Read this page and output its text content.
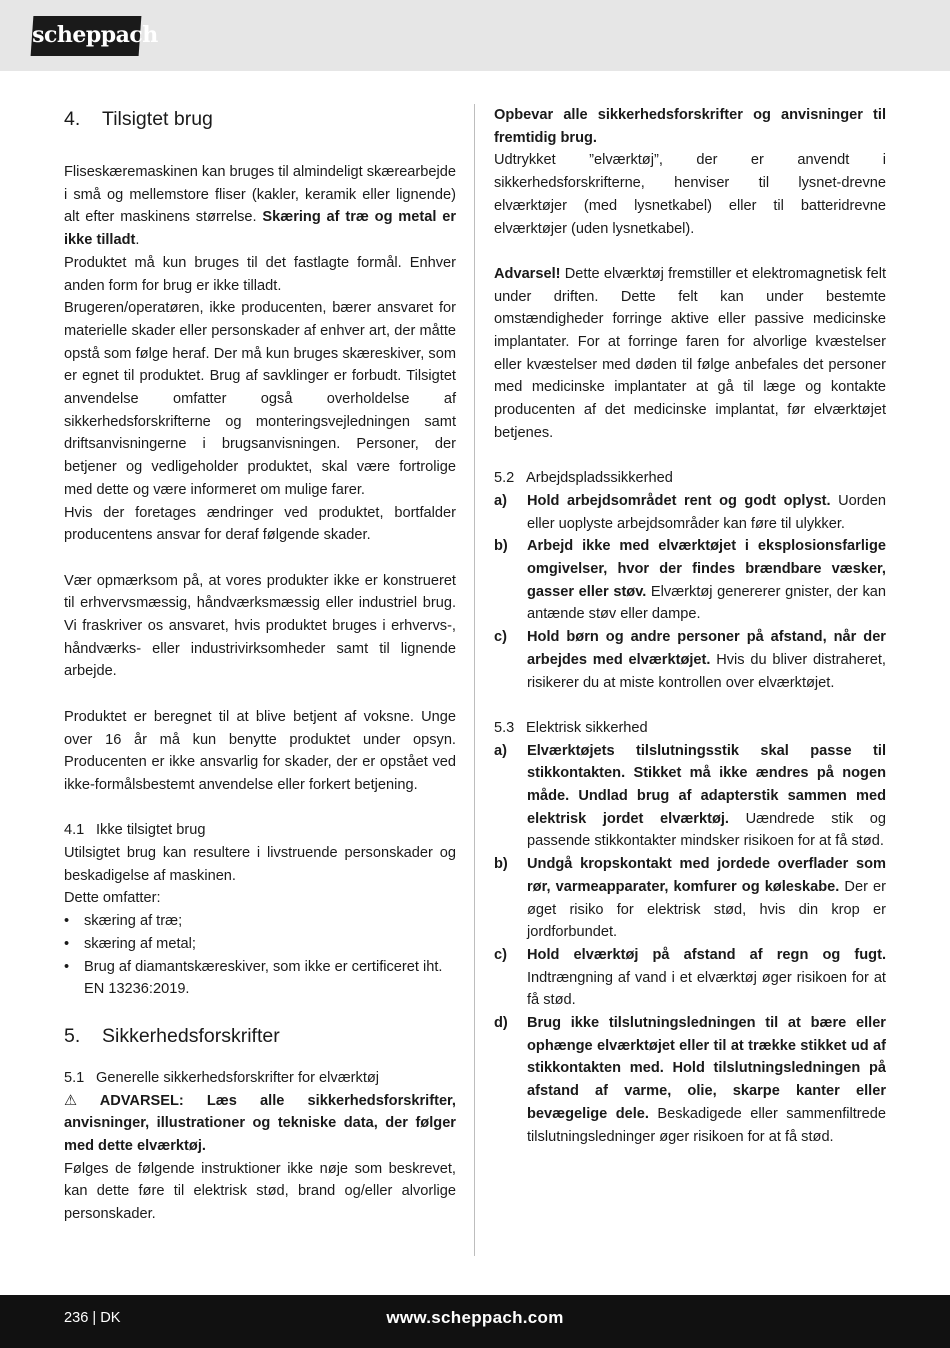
scheppach
4. Tilsigtet brug

Fliseskæremaskinen kan bruges til almindeligt skærearbejde i små og mellemstore fliser (kakler, keramik eller lignende) alt efter maskinens størrelse. Skæring af træ og metal er ikke tilladt.

Produktet må kun bruges til det fastlagte formål. Enhver anden form for brug er ikke tilladt.

Brugeren/operatøren, ikke producenten, bærer ansvaret for materielle skader eller personskader af enhver art, der måtte opstå som følge heraf. Der må kun bruges skæreskiver, som er egnet til produktet. Brug af savklinger er forbudt. Tilsigtet anvendelse omfatter også overholdelse af sikkerhedsforskrifterne og monteringsvejledningen samt driftsanvisningerne i brugsanvisningen. Personer, der betjener og vedligeholder produktet, skal være fortrolige med dette og være informeret om mulige farer.

Hvis der foretages ændringer ved produktet, bortfalder producentens ansvar for deraf følgende skader.

Vær opmærksom på, at vores produkter ikke er konstrueret til erhvervsmæssig, håndværksmæssig eller industriel brug. Vi fraskriver os ansvaret, hvis produktet bruges i erhvervs-, håndværks- eller industrivirksomheder samt til lignende arbejde.

Produktet er beregnet til at blive betjent af voksne. Unge over 16 år må kun benytte produktet under opsyn. Producenten er ikke ansvarlig for skader, der er opstået ved ikke-formålsbestemt anvendelse eller forkert betjening.

4.1 Ikke tilsigtet brug

Utilsigtet brug kan resultere i livstruende personskader og beskadigelse af maskinen.

Dette omfatter:

• skæring af træ;
• skæring af metal;
• Brug af diamantskæreskiver, som ikke er certificeret iht. EN 13236:2019.
5. Sikkerhedsforskrifter
5.1 Generelle sikkerhedsforskrifter for elværktøj

⚠ ADVARSEL: Læs alle sikkerhedsforskrifter, anvisninger, illustrationer og tekniske data, der følger med dette elværktøj.

Følges de følgende instruktioner ikke nøje som beskrevet, kan dette føre til elektrisk stød, brand og/eller alvorlige personskader.

Opbevar alle sikkerhedsforskrifter og anvisninger til fremtidig brug.

Udtrykket ”elværktøj”, der er anvendt i sikkerhedsforskrifterne, henviser til lysnet-drevne elværktøjer (med lysnetkabel) eller til batteridrevne elværktøjer (uden lysnetkabel).

Advarsel! Dette elværktøj fremstiller et elektromagnetisk felt under driften. Dette felt kan under bestemte omstændigheder forringe aktive eller passive medicinske implantater. For at forringe faren for alvorlige kvæstelser eller kvæstelser med døden til følge anbefales det personer med medicinske implantater at gå til læge og kontakte producenten af det medicinske implantat, før elværktøjet betjenes.

5.2 Arbejdspladssikkerhed
a) Hold arbejdsområdet rent og godt oplyst. Uorden eller uoplyste arbejdsområder kan føre til ulykker.
b) Arbejd ikke med elværktøjet i eksplosionsfarlige omgivelser, hvor der findes brændbare væsker, gasser eller støv. Elværktøj genererer gnister, der kan antænde støv eller dampe.
c) Hold børn og andre personer på afstand, når der arbejdes med elværktøjet. Hvis du bliver distraheret, risikerer du at miste kontrollen over elværktøjet.
5.3 Elektrisk sikkerhed
a) Elværktøjets tilslutningsstik skal passe til stikkontakten. Stikket må ikke ændres på nogen måde. Undlad brug af adapterstik sammen med elektrisk jordet elværktøj. Uændrede stik og passende stikkontakter mindsker risikoen for at få stød.
b) Undgå kropskontakt med jordede overflader som rør, varmeapparater, komfurer og køleskabe. Der er øget risiko for elektrisk stød, hvis din krop er jordforbundet.
c) Hold elværktøj på afstand af regn og fugt. Indtrængning af vand i et elværktøj øger risikoen for at få stød.
d) Brug ikke tilslutningsledningen til at bære eller ophænge elværktøjet eller til at trække stikket ud af stikkontakten med. Hold tilslutningsledningen på afstand af varme, olie, skarpe kanter eller bevægelige dele. Beskadigede eller sammenfiltrede tilslutningsledninger øger risikoen for at få stød.
236 | DK	www.scheppach.com
